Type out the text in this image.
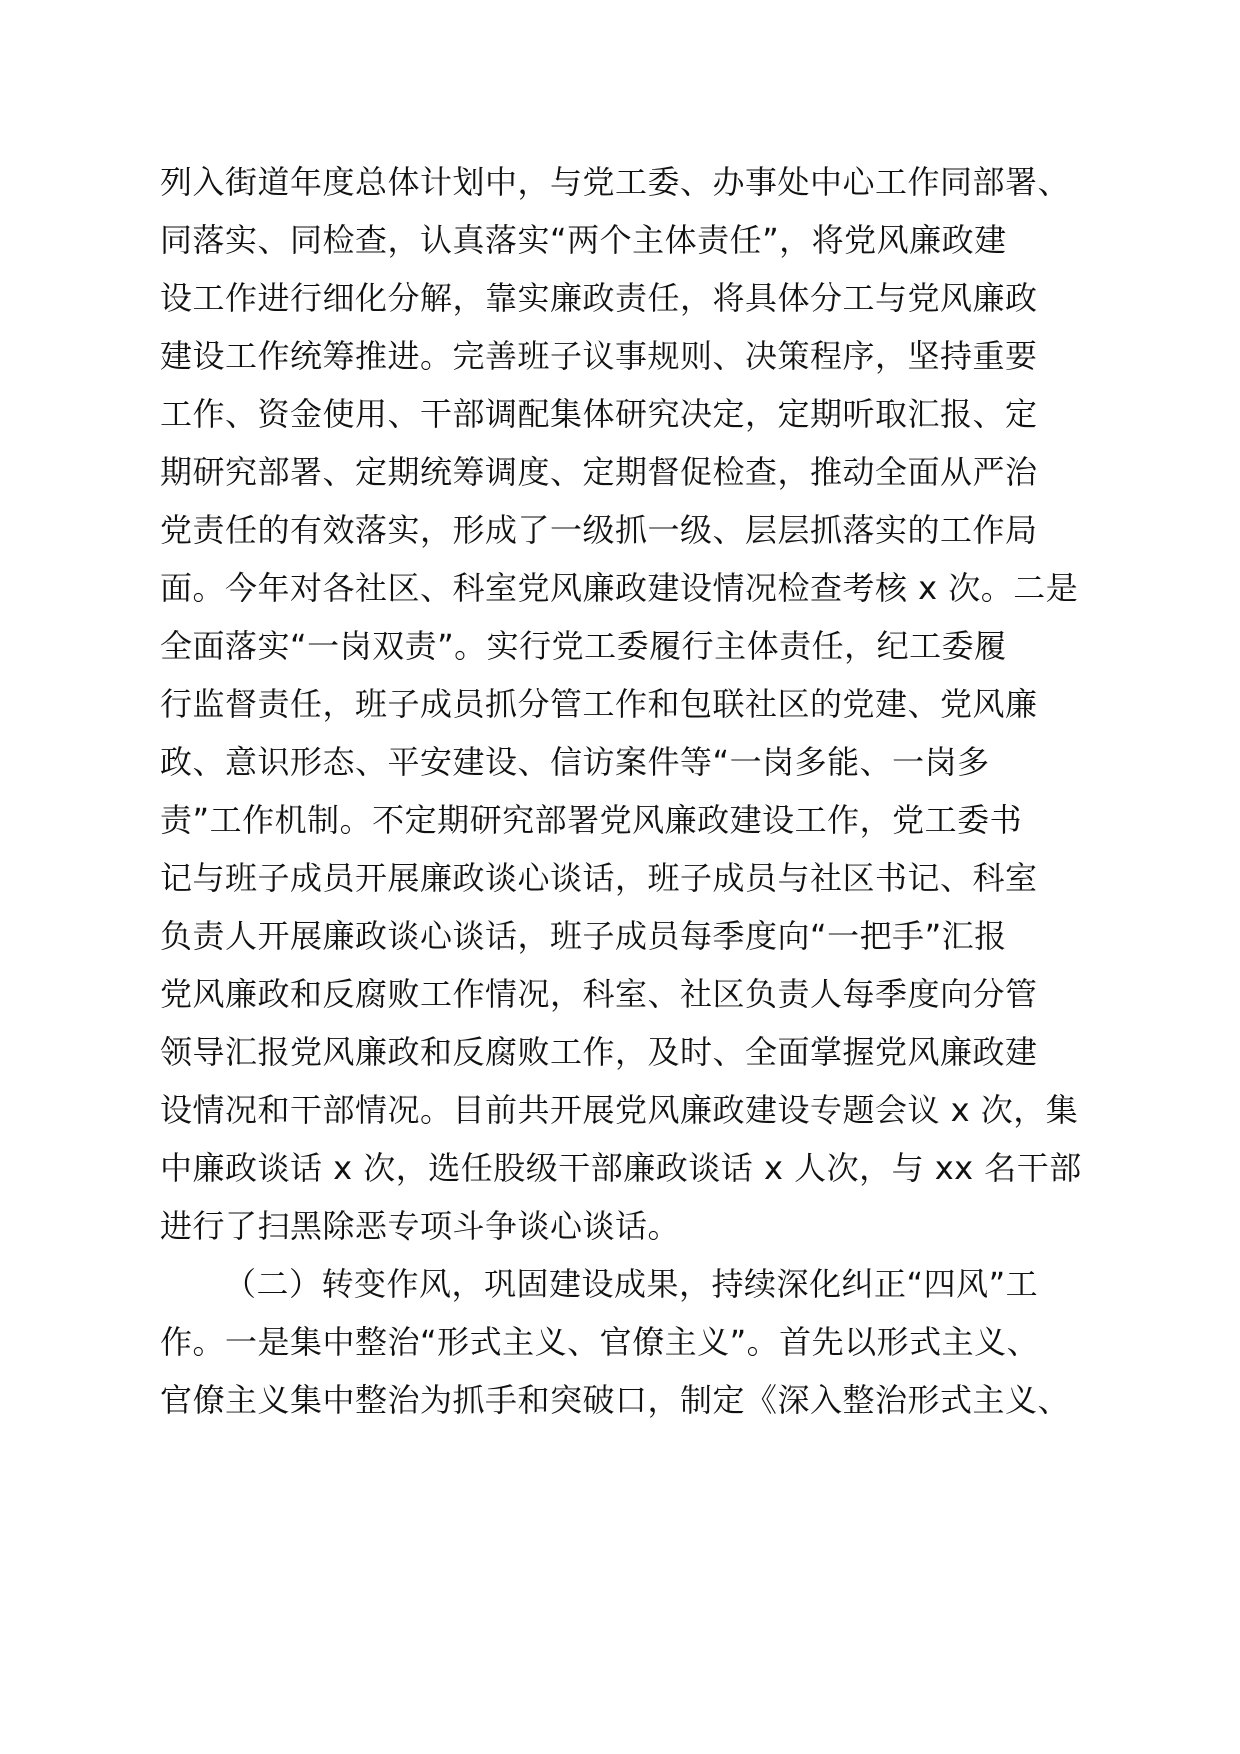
列入街道年度总体计划中，与党工委、办事处中心工作同部署、
同落实、同检查，认真落实“两个主体责任”，将党风廉政建
设工作进行细化分解，靠实廉政责任，将具体分工与党风廉政
建设工作统筹推进。完善班子议事规则、决策程序，坚持重要
工作、资金使用、干部调配集体研究决定，定期听取汇报、定
期研究部署、定期统筹调度、定期督促检查，推动全面从严治
党责任的有效落实，形成了一级抓一级、层层抓落实的工作局
面。今年对各社区、科室党风廉政建设情况检查考核 x 次。二是
全面落实“一岗双责”。实行党工委履行主体责任，纪工委履
行监督责任，班子成员抓分管工作和包联社区的党建、党风廉
政、意识形态、平安建设、信访案件等“一岗多能、一岗多
责”工作机制。不定期研究部署党风廉政建设工作，党工委书
记与班子成员开展廉政谈心谈话，班子成员与社区书记、科室
负责人开展廉政谈心谈话，班子成员每季度向“一把手”汇报
党风廉政和反腐败工作情况，科室、社区负责人每季度向分管
领导汇报党风廉政和反腐败工作，及时、全面掌握党风廉政建
设情况和干部情况。目前共开展党风廉政建设专题会议 x 次，集
中廉政谈话 x 次，选任股级干部廉政谈话 x 人次，与 xx 名干部
进行了扫黑除恶专项斗争谈心谈话。
（二）转变作风，巩固建设成果，持续深化纠正“四风”工
作。一是集中整治“形式主义、官僚主义”。首先以形式主义、
官僚主义集中整治为抓手和突破口，制定《深入整治形式主义、
